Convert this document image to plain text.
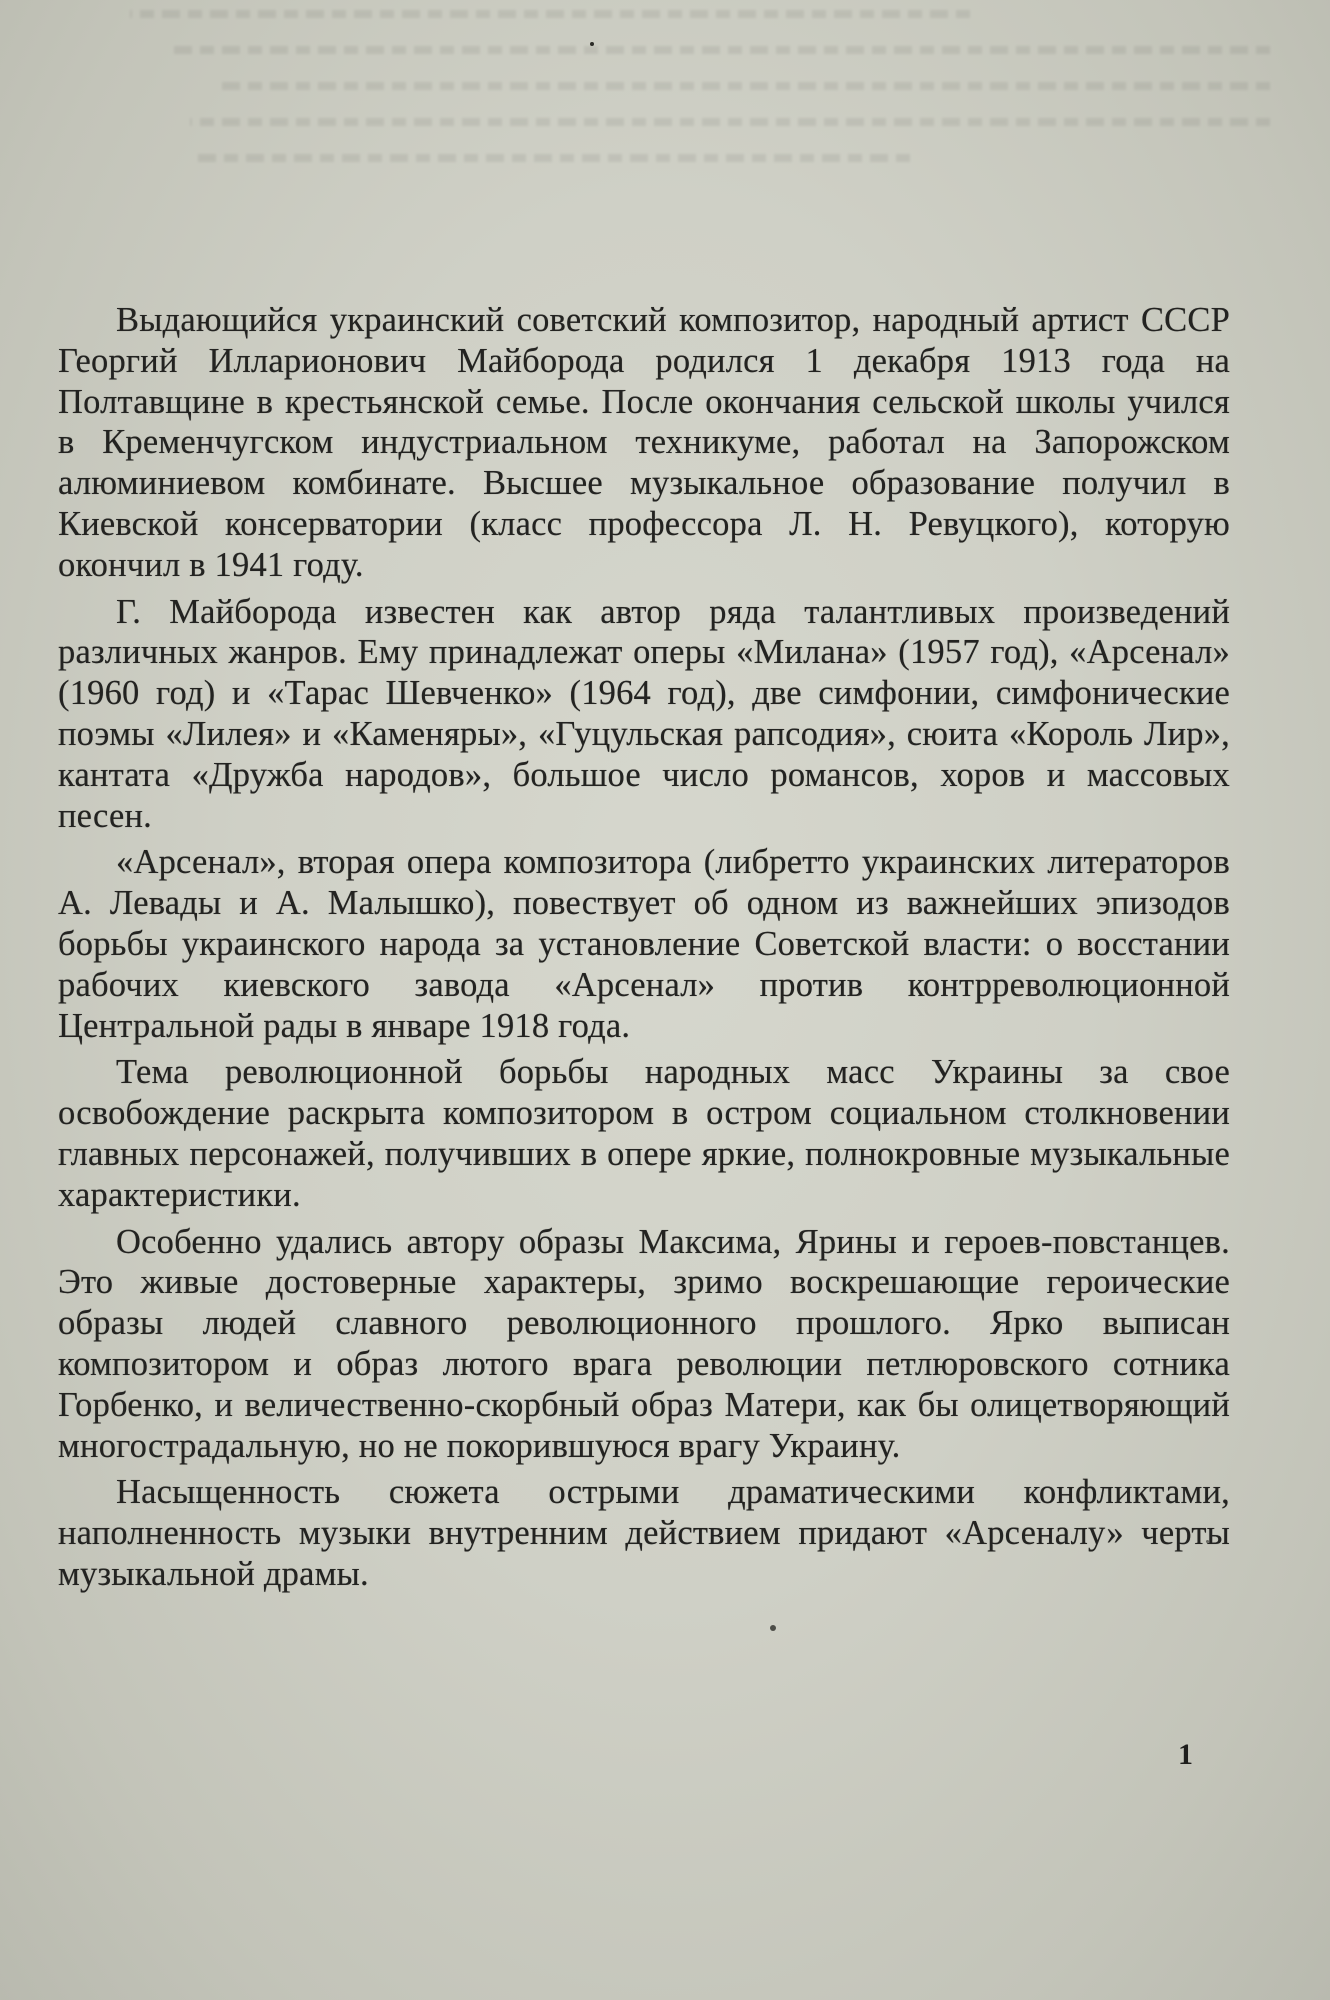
Выдающийся украинский советский композитор, народный артист СССР Георгий Илларионович Майборода родился 1 декабря 1913 года на Полтавщине в крестьянской семье. После окончания сельской школы учился в Кременчугском индустриальном техникуме, работал на Запорожском алюминиевом комбинате. Высшее музыкальное образование получил в Киевской консерватории (класс профессора Л. Н. Ревуцкого), которую окончил в 1941 году.

Г. Майборода известен как автор ряда талантливых произведений различных жанров. Ему принадлежат оперы «Милана» (1957 год), «Арсенал» (1960 год) и «Тарас Шевченко» (1964 год), две симфонии, симфонические поэмы «Лилея» и «Каменяры», «Гуцульская рапсодия», сюита «Король Лир», кантата «Дружба народов», большое число романсов, хоров и массовых песен.

«Арсенал», вторая опера композитора (либретто украинских литераторов А. Левады и А. Малышко), повествует об одном из важнейших эпизодов борьбы украинского народа за установление Советской власти: о восстании рабочих киевского завода «Арсенал» против контрреволюционной Центральной рады в январе 1918 года.

Тема революционной борьбы народных масс Украины за свое освобождение раскрыта композитором в остром социальном столкновении главных персонажей, получивших в опере яркие, полнокровные музыкальные характеристики.

Особенно удались автору образы Максима, Ярины и героев-повстанцев. Это живые достоверные характеры, зримо воскрешающие героические образы людей славного революционного прошлого. Ярко выписан композитором и образ лютого врага революции петлюровского сотника Горбенко, и величественно-скорбный образ Матери, как бы олицетворяющий многострадальную, но не покорившуюся врагу Украину.

Насыщенность сюжета острыми драматическими конфликтами, наполненность музыки внутренним действием придают «Арсеналу» черты музыкальной драмы.

1
